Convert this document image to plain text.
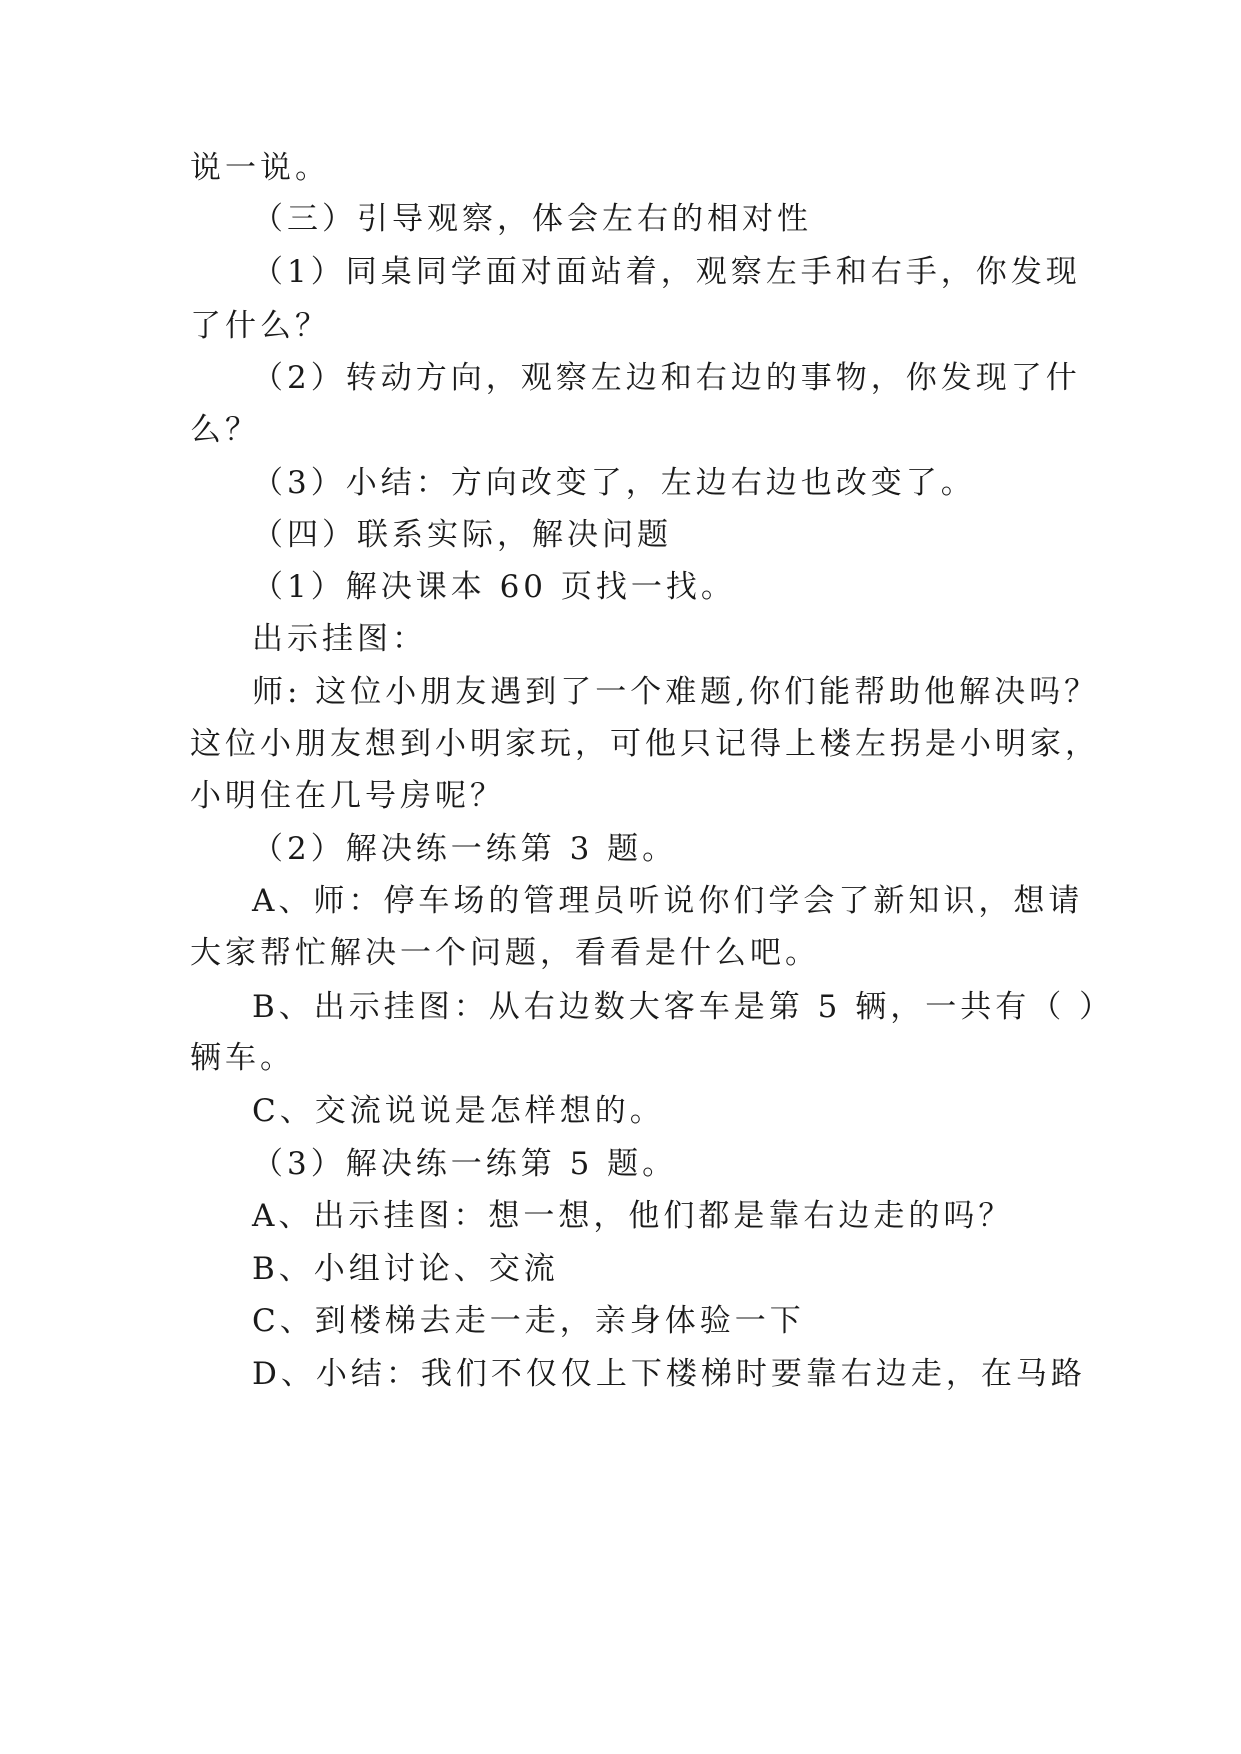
说一说。
（三）引导观察，体会左右的相对性
（1）同桌同学面对面站着，观察左手和右手，你发现
了什么？
（2）转动方向，观察左边和右边的事物，你发现了什
么？
（3）小结：方向改变了，左边右边也改变了。
（四）联系实际，解决问题
（1）解决课本 60 页找一找。
出示挂图：
师: 这位小朋友遇到了一个难题,你们能帮助他解决吗？
这位小朋友想到小明家玩，可他只记得上楼左拐是小明家，
小明住在几号房呢？
（2）解决练一练第 3 题。
A、师：停车场的管理员听说你们学会了新知识，想请
大家帮忙解决一个问题，看看是什么吧。
B、出示挂图：从右边数大客车是第 5 辆，一共有（ ）
辆车。
C、交流说说是怎样想的。
（3）解决练一练第 5 题。
A、出示挂图：想一想，他们都是靠右边走的吗？
B、小组讨论、交流
C、到楼梯去走一走，亲身体验一下
D、小结：我们不仅仅上下楼梯时要靠右边走，在马路
